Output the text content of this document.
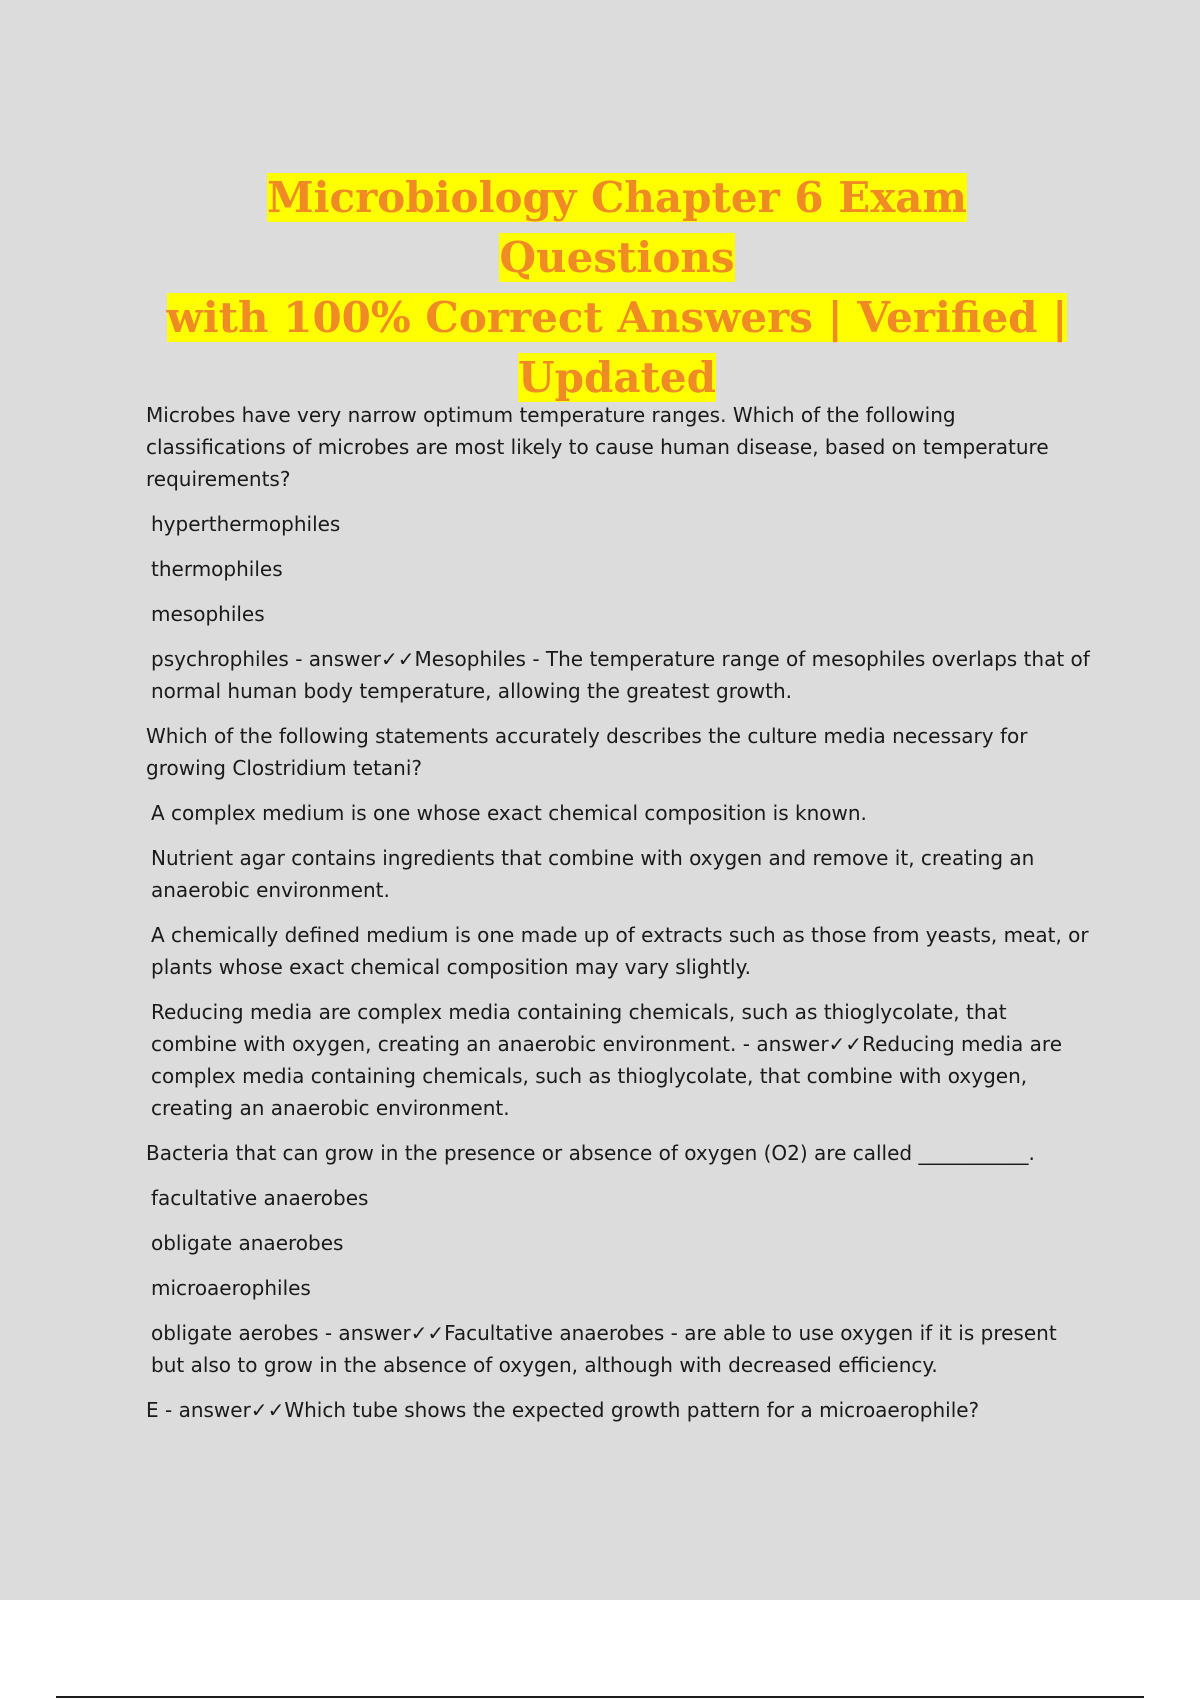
Microbiology Chapter 6 Exam Questions
with 100% Correct Answers | Verified |
Updated
Microbes have very narrow optimum temperature ranges. Which of the following classifications of microbes are most likely to cause human disease, based on temperature requirements?
hyperthermophiles
thermophiles
mesophiles
psychrophiles - answer✓✓Mesophiles - The temperature range of mesophiles overlaps that of normal human body temperature, allowing the greatest growth.
Which of the following statements accurately describes the culture media necessary for growing Clostridium tetani?
A complex medium is one whose exact chemical composition is known.
Nutrient agar contains ingredients that combine with oxygen and remove it, creating an anaerobic environment.
A chemically defined medium is one made up of extracts such as those from yeasts, meat, or plants whose exact chemical composition may vary slightly.
Reducing media are complex media containing chemicals, such as thioglycolate, that combine with oxygen, creating an anaerobic environment. - answer✓✓Reducing media are complex media containing chemicals, such as thioglycolate, that combine with oxygen, creating an anaerobic environment.
Bacteria that can grow in the presence or absence of oxygen (O2) are called ___________.
facultative anaerobes
obligate anaerobes
microaerophiles
obligate aerobes - answer✓✓Facultative anaerobes - are able to use oxygen if it is present but also to grow in the absence of oxygen, although with decreased efficiency.
E - answer✓✓Which tube shows the expected growth pattern for a microaerophile?
